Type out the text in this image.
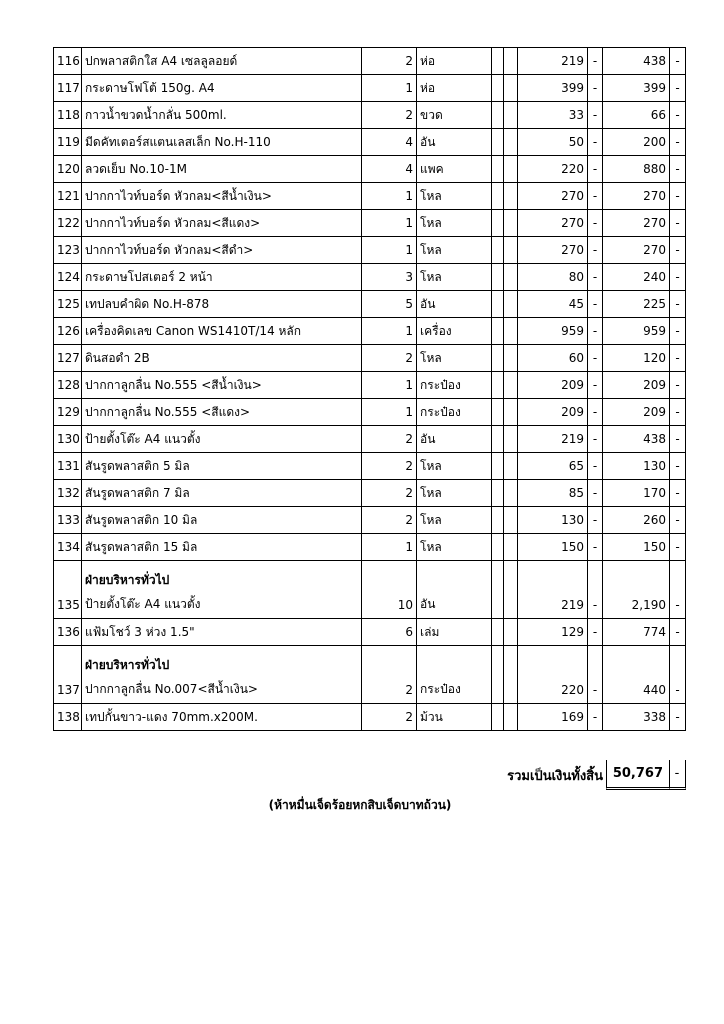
116	ปกพลาสติกใส A4 เซลลูลอยด์	2	ห่อ			219	-	438	-
117	กระดาษโฟโต้ 150g. A4	1	ห่อ			399	-	399	-
118	กาวน้ำขวดน้ำกลั่น 500ml.	2	ขวด			33	-	66	-
119	มีดคัทเตอร์สแตนเลสเล็ก No.H-110	4	อัน			50	-	200	-
120	ลวดเย็บ No.10-1M	4	แพค			220	-	880	-
121	ปากกาไวท์บอร์ด หัวกลม<สีน้ำเงิน>	1	โหล			270	-	270	-
122	ปากกาไวท์บอร์ด หัวกลม<สีแดง>	1	โหล			270	-	270	-
123	ปากกาไวท์บอร์ด หัวกลม<สีดำ>	1	โหล			270	-	270	-
124	กระดาษโปสเตอร์ 2 หน้า	3	โหล			80	-	240	-
125	เทปลบคำผิด No.H-878	5	อัน			45	-	225	-
126	เครื่องคิดเลข Canon WS1410T/14 หลัก	1	เครื่อง			959	-	959	-
127	ดินสอดำ 2B	2	โหล			60	-	120	-
128	ปากกาลูกลื่น No.555 <สีน้ำเงิน>	1	กระป๋อง			209	-	209	-
129	ปากกาลูกลื่น No.555 <สีแดง>	1	กระป๋อง			209	-	209	-
130	ป้ายตั้งโต๊ะ A4 แนวตั้ง	2	อัน			219	-	438	-
131	สันรูดพลาสติก 5 มิล	2	โหล			65	-	130	-
132	สันรูดพลาสติก 7 มิล	2	โหล			85	-	170	-
133	สันรูดพลาสติก 10 มิล	2	โหล			130	-	260	-
134	สันรูดพลาสติก 15 มิล	1	โหล			150	-	150	-
	ฝ่ายบริหารทั่วไป								
135	ป้ายตั้งโต๊ะ A4 แนวตั้ง	10	อัน			219	-	2,190	-
136	แฟ้มโชว์ 3 ห่วง 1.5"	6	เล่ม			129	-	774	-
	ฝ่ายบริหารทั่วไป								
137	ปากกาลูกลื่น No.007<สีน้ำเงิน>	2	กระป๋อง			220	-	440	-
138	เทปกั้นขาว-แดง 70mm.x200M.	2	ม้วน			169	-	338	-
รวมเป็นเงินทั้งสิ้น 50,767 -
(ห้าหมื่นเจ็ดร้อยหกสิบเจ็ดบาทถ้วน)
